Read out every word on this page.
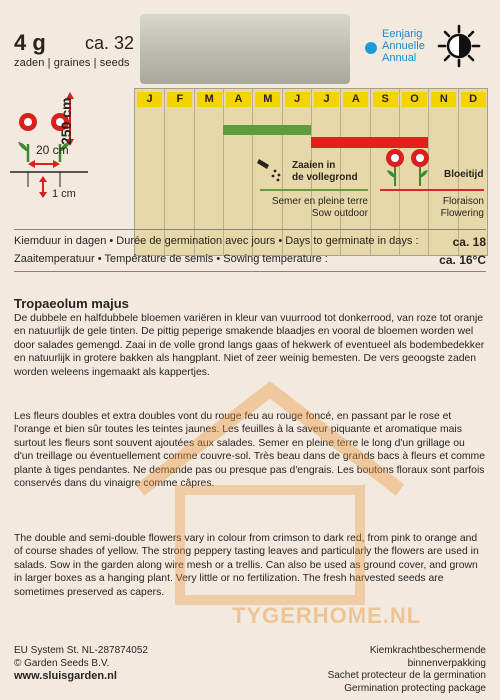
4 g ca. 32
zaden | graines | seeds
Eenjarig
Annuelle
Annual
J	F	M	A	M	J	J	A	S	O	N	D
250 cm
20 cm
1 cm
Zaaien in
de vollegrond
Semer en pleine terre
Sow outdoor
Bloeitijd
Floraison
Flowering
Kiemduur in dagen • Durée de germination avec jours • Days to germinate in days :	ca. 18
Zaaitemperatuur • Température de semis • Sowing temperature :	ca. 16°C
Tropaeolum majus
De dubbele en halfdubbele bloemen variëren in kleur van vuurrood tot donkerrood, van roze tot oranje en natuurlijk de gele tinten. De pittig peperige smakende blaadjes en vooral de bloemen worden wel door salades gemengd. Zaai in de volle grond langs gaas of hekwerk of eventueel als bodembedekker en natuurlijk in grotere bakken als hangplant. Niet of zeer weinig bemesten. De vers geoogste zaden worden weleens ingemaakt als kappertjes.
Les fleurs doubles et extra doubles vont du rouge feu au rouge foncé, en passant par le rose et l'orange et bien sûr toutes les teintes jaunes. Les feuilles à la saveur piquante et aromatique mais surtout les fleurs sont souvent ajoutées aux salades. Semer en pleine terre le long d'un grillage ou d'un treillage ou éventuellement comme couvre-sol. Très beau dans de grands bacs à fleurs et comme plante à tiges pendantes. Ne demande pas ou presque pas d'engrais. Les boutons floraux sont parfois conservés dans du vinaigre comme câpres.
The double and semi-double flowers vary in colour from crimson to dark red, from pink to orange and of course shades of yellow. The strong peppery tasting leaves and particularly the flowers are used in salads. Sow in the garden along wire mesh or a trellis. Can also be used as ground cover, and grown in larger boxes as a hanging plant. Very little or no fertilization. The fresh harvested seeds are sometimes preserved as capers.
TYGERHOME.NL
EU System St. NL-287874052
© Garden Seeds B.V.
www.sluisgarden.nl
Kiemkrachtbeschermende binnenverpakking
Sachet protecteur de la germination
Germination protecting package
